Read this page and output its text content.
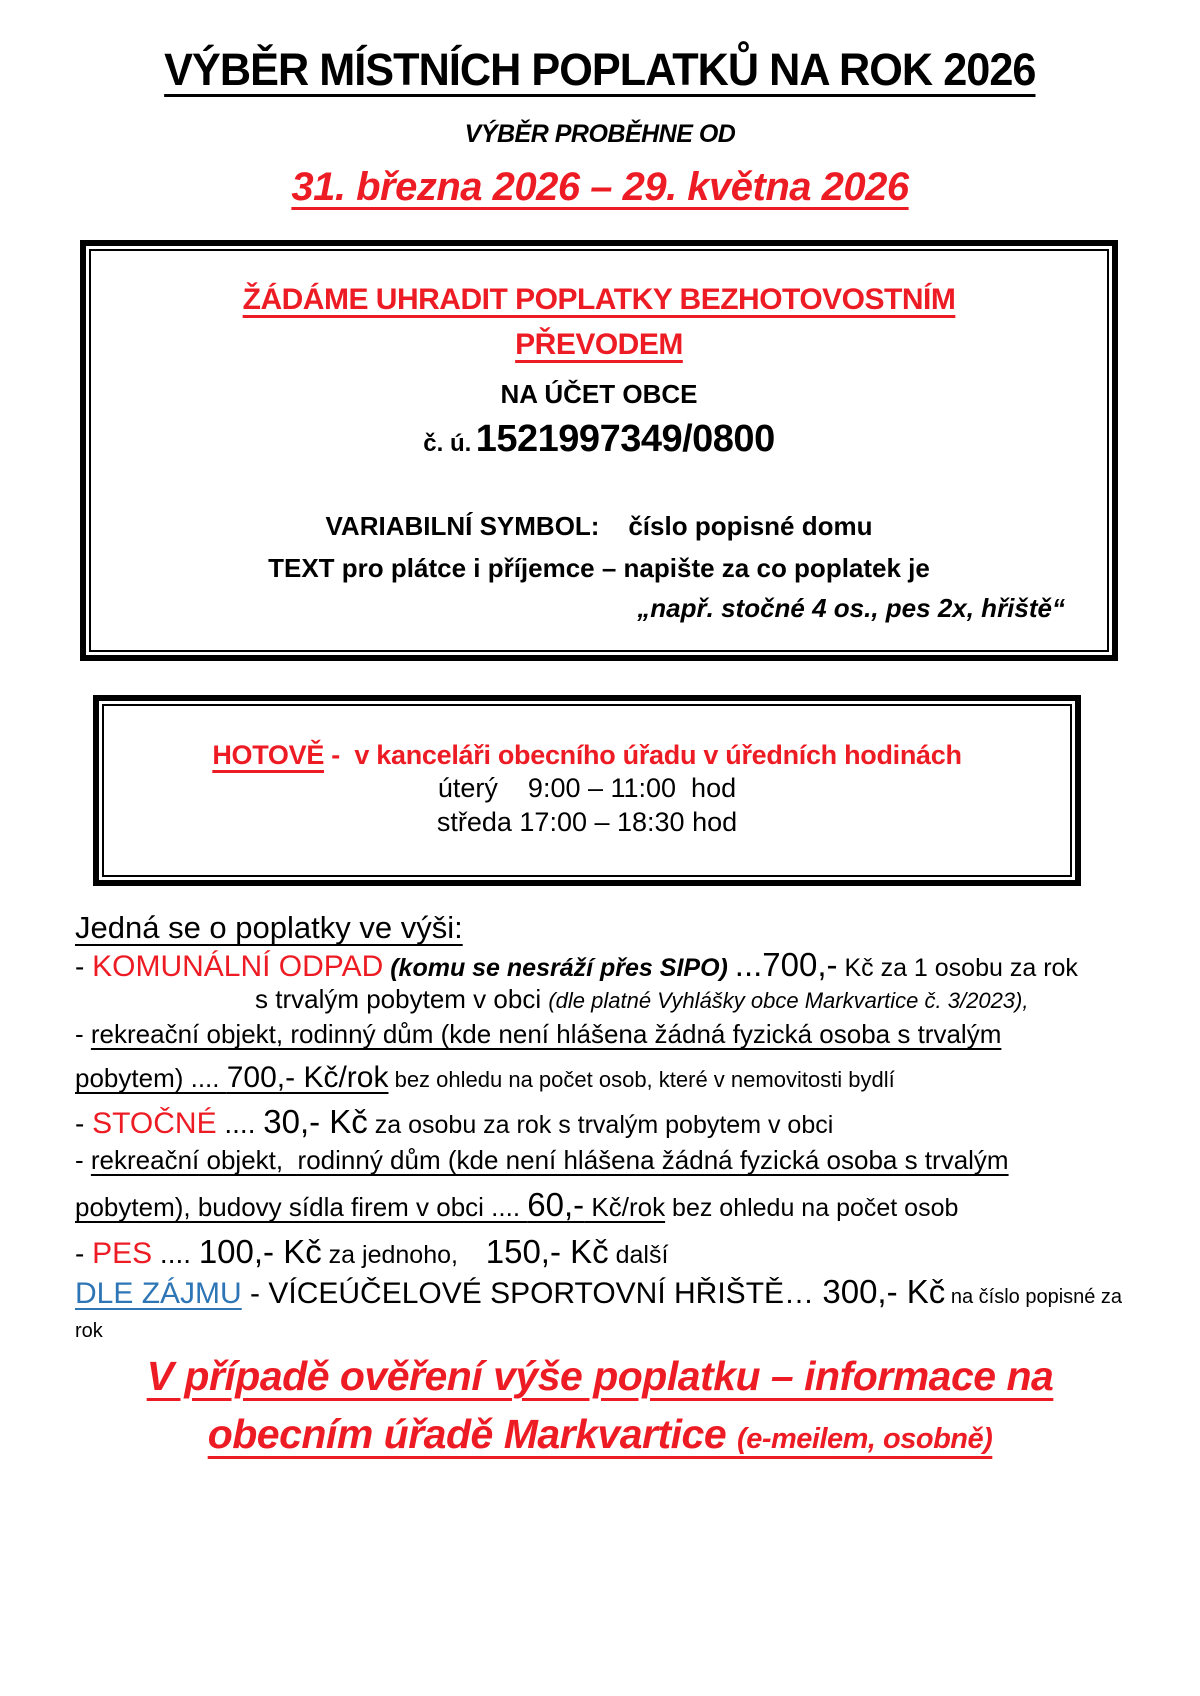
VÝBĚR MÍSTNÍCH POPLATKŮ NA ROK 2026
VÝBĚR PROBĚHNE OD
31. března 2026 – 29. května 2026
ŽÁDÁME UHRADIT POPLATKY BEZHOTOVOSTNÍM
PŘEVODEM
NA ÚČET OBCE
č. ú. 1521997349/0800
VARIABILNÍ SYMBOL:    číslo popisné domu
TEXT pro plátce i příjemce – napište za co poplatek je
„např. stočné 4 os., pes 2x, hřiště“
HOTOVĚ -  v kanceláři obecního úřadu v úředních hodinách
úterý    9:00 – 11:00  hod
středa 17:00 – 18:30 hod

Jedná se o poplatky ve výši:

- KOMUNÁLNÍ ODPAD (komu se nesráží přes SIPO) ...700,- Kč za 1 osobu za rok

s trvalým pobytem v obci (dle platné Vyhlášky obce Markvartice č. 3/2023),

- rekreační objekt, rodinný dům (kde není hlášena žádná fyzická osoba s trvalým

pobytem) .... 700,- Kč/rok bez ohledu na počet osob, které v nemovitosti bydlí

- STOČNÉ .... 30,- Kč za osobu za rok s trvalým pobytem v obci

- rekreační objekt,  rodinný dům (kde není hlášena žádná fyzická osoba s trvalým

pobytem), budovy sídla firem v obci .... 60,- Kč/rok bez ohledu na počet osob

- PES .... 100,- Kč za jednoho,    150,- Kč další

DLE ZÁJMU - VÍCEÚČELOVÉ SPORTOVNÍ HŘIŠTĚ… 300,- Kč na číslo popisné za

rok

V případě ověření výše poplatku – informace na
obecním úřadě Markvartice (e-meilem, osobně)
